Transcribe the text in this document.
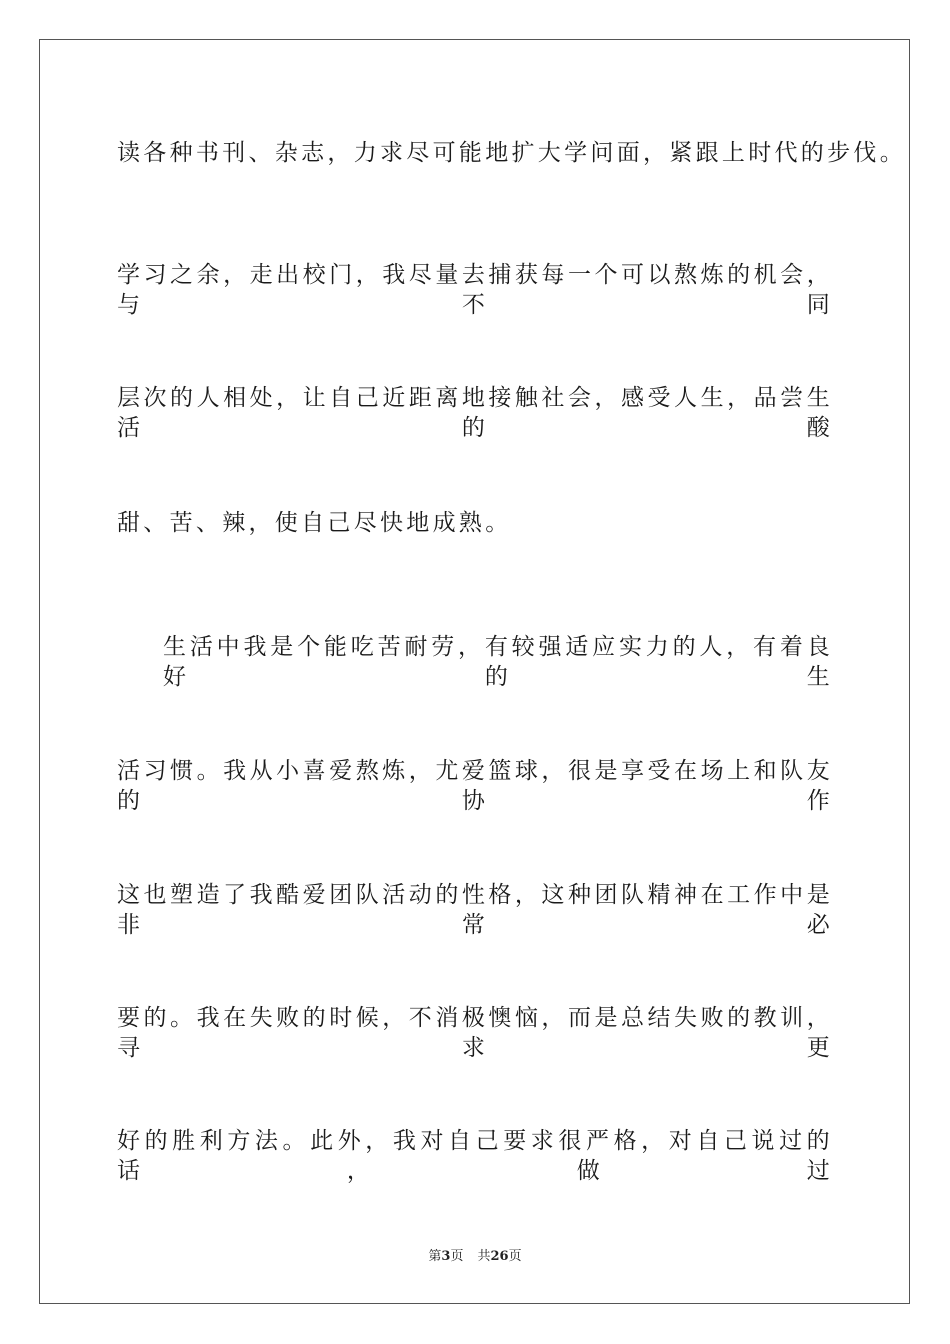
读各种书刊、杂志，力求尽可能地扩大学问面，紧跟上时代的步伐。
学习之余，走出校门，我尽量去捕获每一个可以熬炼的机会，与不同
层次的人相处，让自己近距离地接触社会，感受人生，品尝生活的酸
甜、苦、辣，使自己尽快地成熟。
生活中我是个能吃苦耐劳，有较强适应实力的人，有着良好的生
活习惯。我从小喜爱熬炼，尤爱篮球，很是享受在场上和队友的协作
这也塑造了我酷爱团队活动的性格，这种团队精神在工作中是非常必
要的。我在失败的时候，不消极懊恼，而是总结失败的教训，寻求更
好的胜利方法。此外，我对自己要求很严格，对自己说过的话，做过
第3页 共26页
